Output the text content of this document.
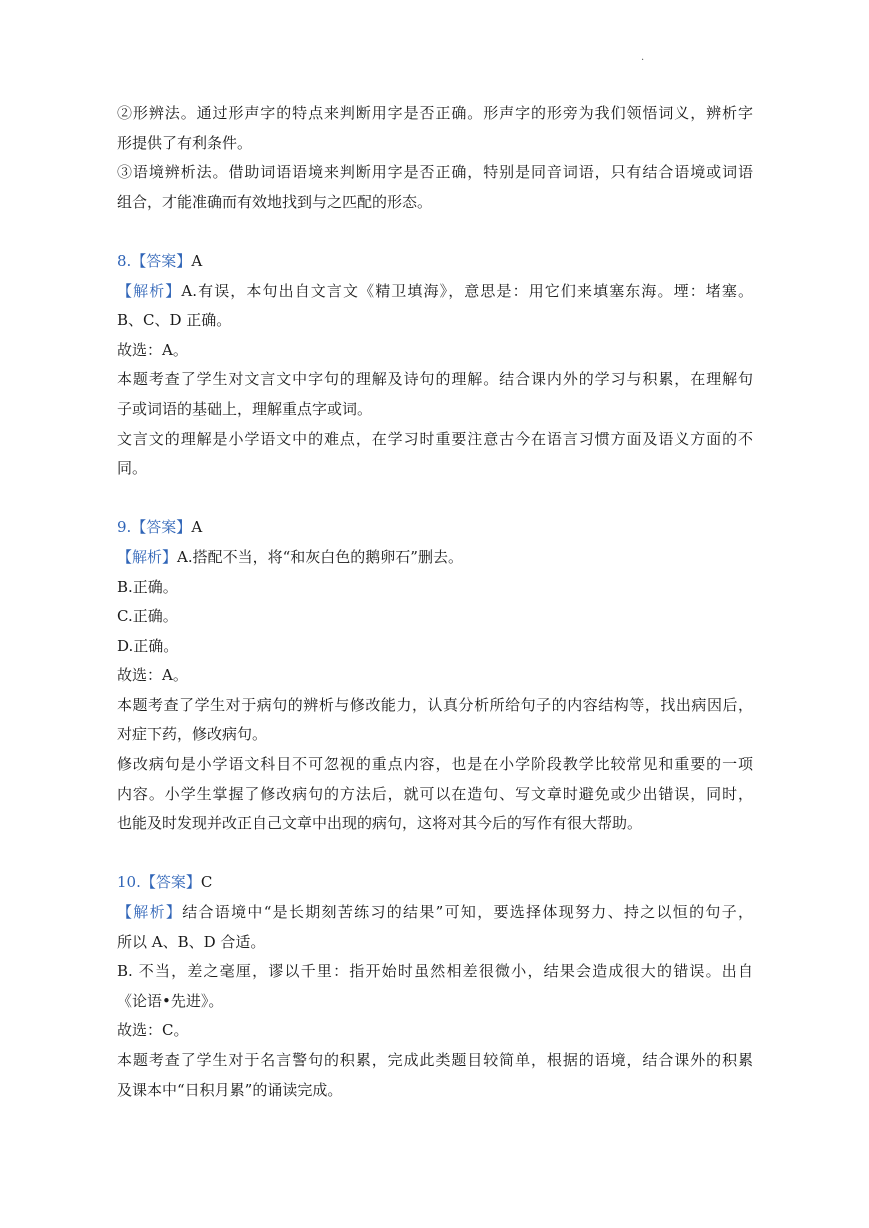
.
②形辨法。通过形声字的特点来判断用字是否正确。形声字的形旁为我们领悟词义，辨析字
形提供了有利条件。
③语境辨析法。借助词语语境来判断用字是否正确，特别是同音词语，只有结合语境或词语
组合，才能准确而有效地找到与之匹配的形态。
8.【答案】A
【解析】A.有误，本句出自文言文《精卫填海》，意思是：用它们来填塞东海。堙：堵塞。
B、C、D 正确。
故选：A。
本题考查了学生对文言文中字句的理解及诗句的理解。结合课内外的学习与积累，在理解句
子或词语的基础上，理解重点字或词。
文言文的理解是小学语文中的难点，在学习时重要注意古今在语言习惯方面及语义方面的不
同。
9.【答案】A
【解析】A.搭配不当，将“和灰白色的鹅卵石”删去。
B.正确。
C.正确。
D.正确。
故选：A。
本题考查了学生对于病句的辨析与修改能力，认真分析所给句子的内容结构等，找出病因后，
对症下药，修改病句。
修改病句是小学语文科目不可忽视的重点内容，也是在小学阶段教学比较常见和重要的一项
内容。小学生掌握了修改病句的方法后，就可以在造句、写文章时避免或少出错误，同时，
也能及时发现并改正自己文章中出现的病句，这将对其今后的写作有很大帮助。
10.【答案】C
【解析】结合语境中“是长期刻苦练习的结果”可知，要选择体现努力、持之以恒的句子，
所以 A、B、D 合适。
B. 不当，差之毫厘，谬以千里：指开始时虽然相差很微小，结果会造成很大的错误。出自
《论语•先进》。
故选：C。
本题考查了学生对于名言警句的积累，完成此类题目较简单，根据的语境，结合课外的积累
及课本中“日积月累”的诵读完成。
